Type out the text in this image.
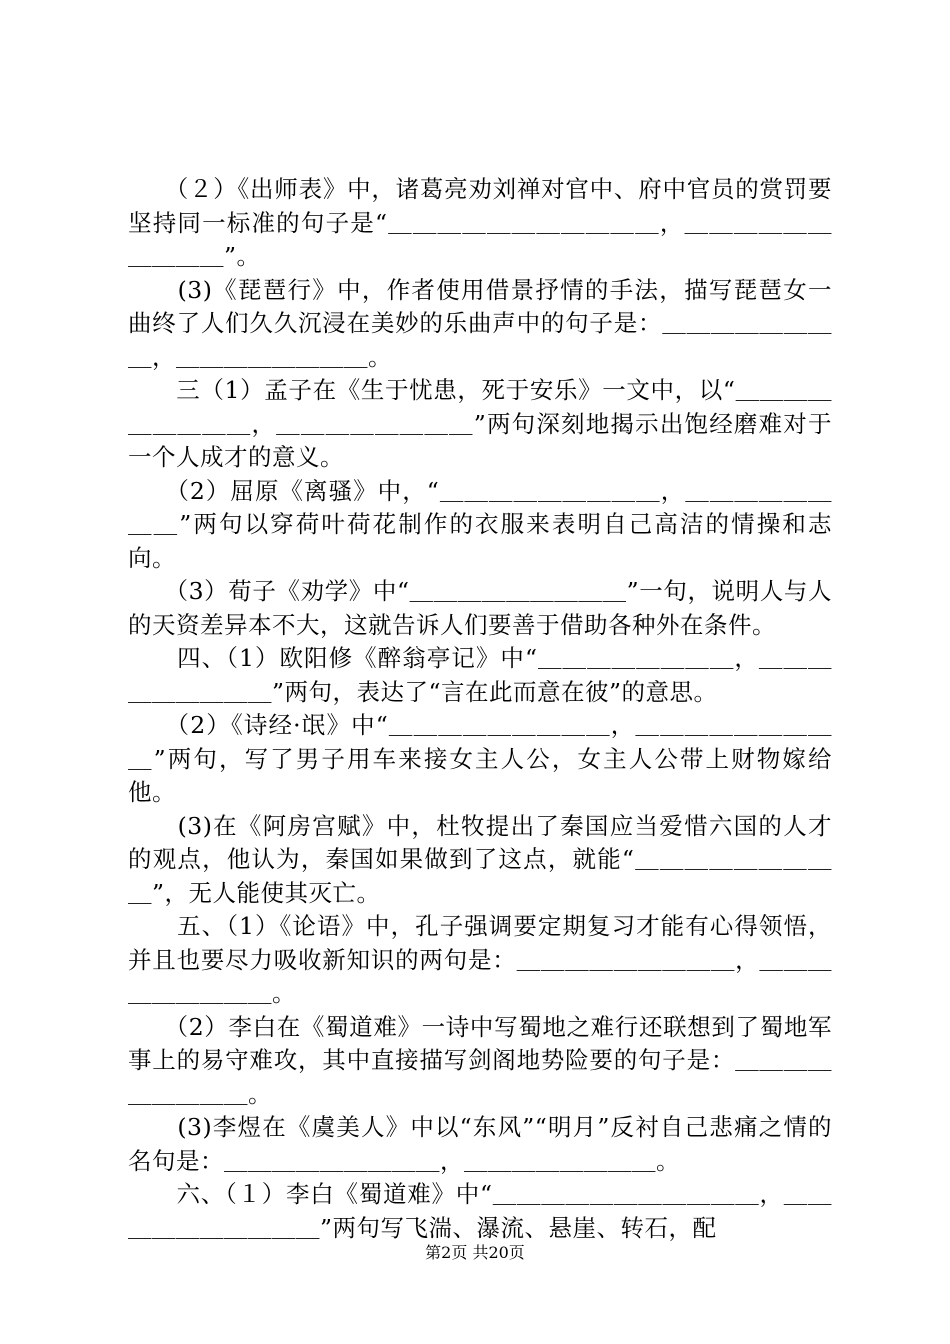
　　（２）《出师表》中，诸葛亮劝刘禅对官中、府中官员的赏罚要坚持同一标准的句子是“＿＿＿＿＿＿＿＿＿＿＿，＿＿＿＿＿＿＿＿＿＿”。

　　(3)《琵琶行》中，作者使用借景抒情的手法，描写琵琶女一曲终了人们久久沉浸在美妙的乐曲声中的句子是：＿＿＿＿＿＿＿＿，＿＿＿＿＿＿＿＿。

　　三（1）孟子在《生于忧患，死于安乐》一文中，以“＿＿＿＿＿＿＿＿＿，＿＿＿＿＿＿＿＿”两句深刻地揭示出饱经磨难对于一个人成才的意义。

　　（2）屈原《离骚》中，“＿＿＿＿＿＿＿＿＿，＿＿＿＿＿＿＿＿”两句以穿荷叶荷花制作的衣服来表明自己高洁的情操和志向。

　　（3）荀子《劝学》中“＿＿＿＿＿＿＿＿＿”一句，说明人与人的天资差异本不大，这就告诉人们要善于借助各种外在条件。

　　四、（1）欧阳修《醉翁亭记》中“＿＿＿＿＿＿＿＿，＿＿＿＿＿＿＿＿＿”两句，表达了“言在此而意在彼”的意思。

　　（2）《诗经·氓》中“＿＿＿＿＿＿＿＿＿，＿＿＿＿＿＿＿＿＿”两句，写了男子用车来接女主人公，女主人公带上财物嫁给他。

　　(3)在《阿房宫赋》中，杜牧提出了秦国应当爱惜六国的人才的观点，他认为，秦国如果做到了这点，就能“＿＿＿＿＿＿＿＿＿”，无人能使其灭亡。

　　五、（1）《论语》中，孔子强调要定期复习才能有心得领悟，并且也要尽力吸收新知识的两句是：＿＿＿＿＿＿＿＿＿，＿＿＿＿＿＿＿＿＿。

　　（2）李白在《蜀道难》一诗中写蜀地之难行还联想到了蜀地军事上的易守难攻，其中直接描写剑阁地势险要的句子是：＿＿＿＿＿＿＿＿＿。

　　(3)李煜在《虞美人》中以“东风”“明月”反衬自己悲痛之情的名句是：＿＿＿＿＿＿＿＿＿，＿＿＿＿＿＿＿＿。

　　六、（１）李白《蜀道难》中“＿＿＿＿＿＿＿＿＿＿＿，＿＿＿＿＿＿＿＿＿＿”两句写飞湍、瀑流、悬崖、转石，配

第2页 共20页
